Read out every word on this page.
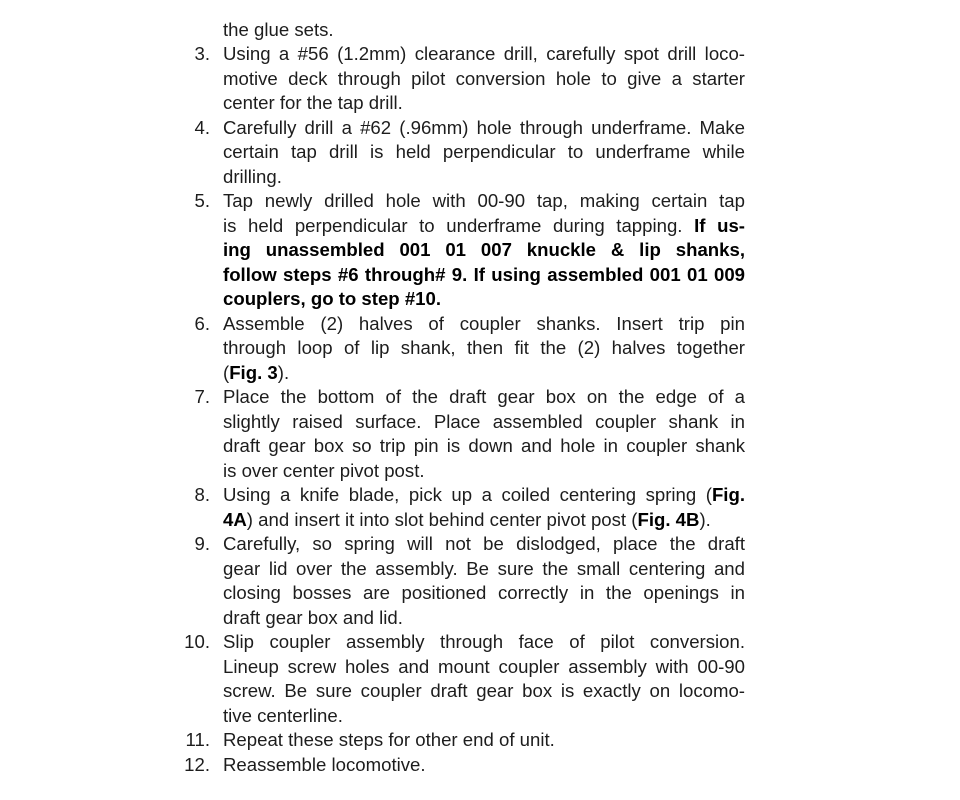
the glue sets.
3. Using a #56 (1.2mm) clearance drill, carefully spot drill loco-
motive deck through pilot conversion hole to give a starter
center for the tap drill.
4. Carefully drill a #62 (.96mm) hole through underframe. Make
certain tap drill is held perpendicular to underframe while
drilling.
5. Tap newly drilled hole with 00-90 tap, making certain tap
is held perpendicular to underframe during tapping. If us-
ing unassembled 001 01 007 knuckle & lip shanks,
follow steps #6 through# 9. If using assembled 001 01 009
couplers, go to step #10.
6. Assemble (2) halves of coupler shanks. Insert trip pin
through loop of lip shank, then fit the (2) halves together
(Fig. 3).
7. Place the bottom of the draft gear box on the edge of a
slightly raised surface. Place assembled coupler shank in
draft gear box so trip pin is down and hole in coupler shank
is over center pivot post.
8. Using a knife blade, pick up a coiled centering spring (Fig.
4A) and insert it into slot behind center pivot post (Fig. 4B).
9. Carefully, so spring will not be dislodged, place the draft
gear lid over the assembly. Be sure the small centering and
closing bosses are positioned correctly in the openings in
draft gear box and lid.
10. Slip coupler assembly through face of pilot conversion.
Lineup screw holes and mount coupler assembly with 00-90
screw. Be sure coupler draft gear box is exactly on locomo-
tive centerline.
11. Repeat these steps for other end of unit.
12. Reassemble locomotive.
